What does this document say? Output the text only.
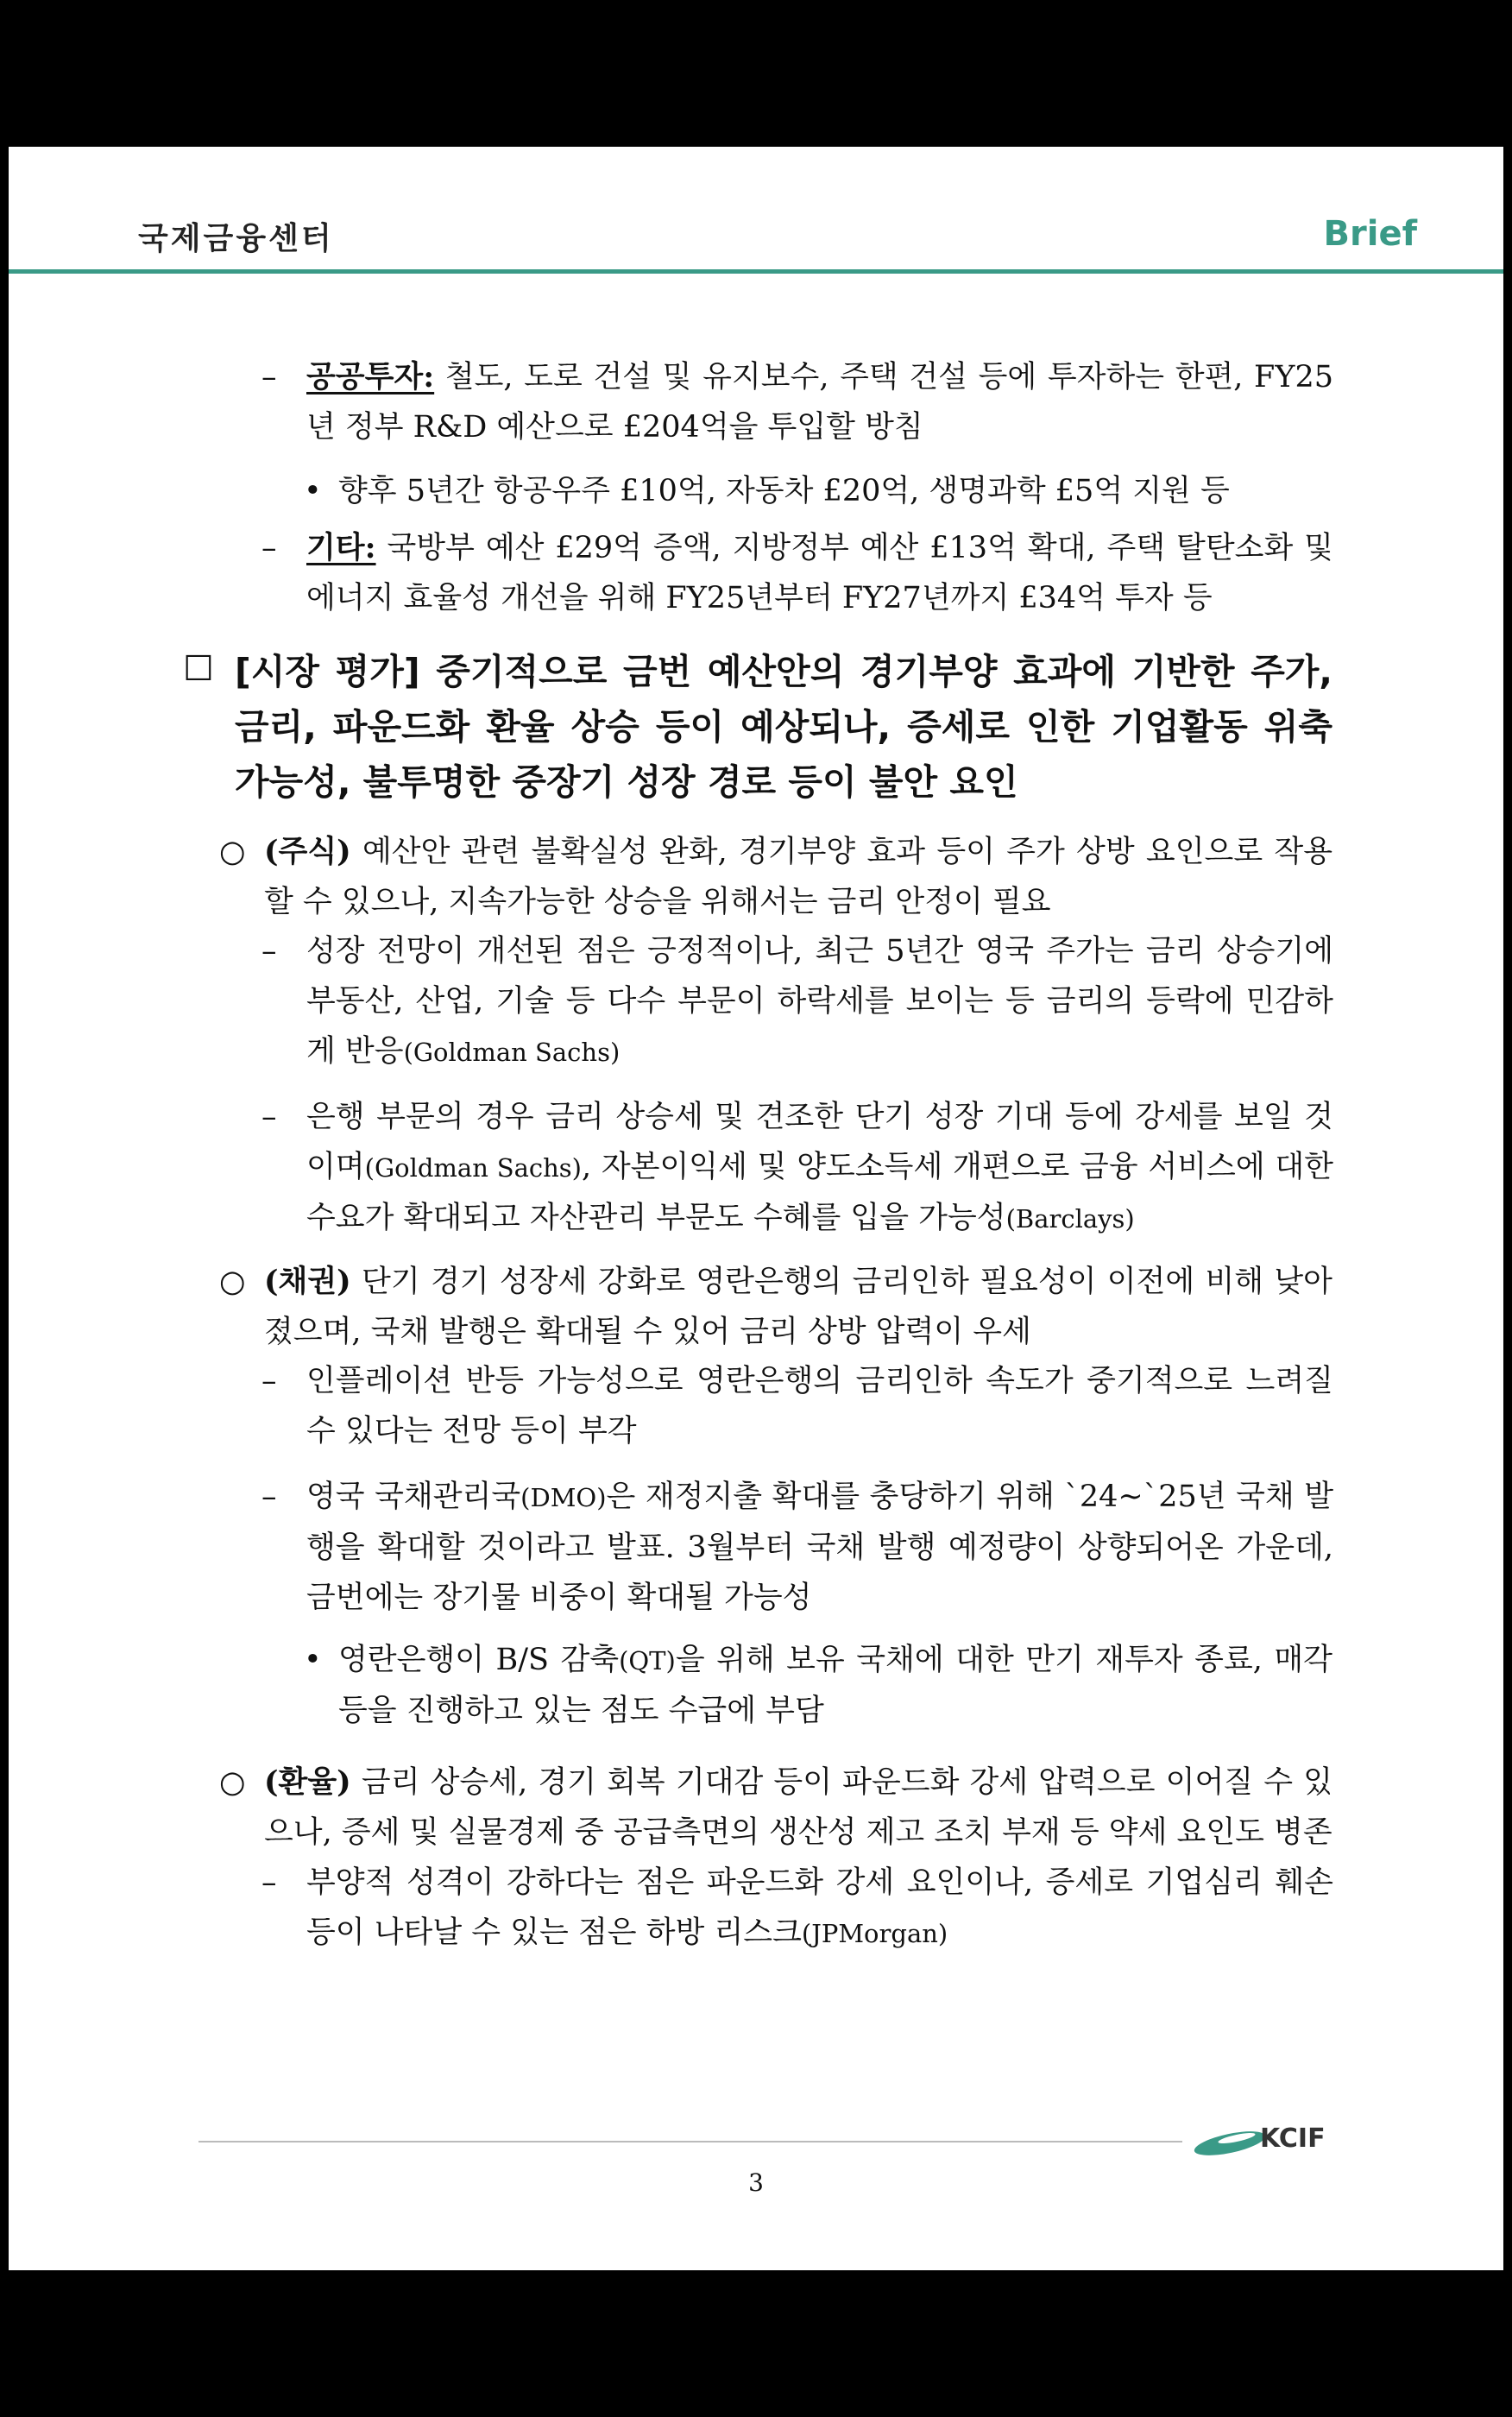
국제금융센터	Brief
– 공공투자: 철도, 도로 건설 및 유지보수, 주택 건설 등에 투자하는 한편, FY25년 정부 R&D 예산으로 £204억을 투입할 방침
• 향후 5년간 항공우주 £10억, 자동차 £20억, 생명과학 £5억 지원 등
– 기타: 국방부 예산 £29억 증액, 지방정부 예산 £13억 확대, 주택 탈탄소화 및 에너지 효율성 개선을 위해 FY25년부터 FY27년까지 £34억 투자 등
☐ [시장 평가] 중기적으로 금번 예산안의 경기부양 효과에 기반한 주가, 금리, 파운드화 환율 상승 등이 예상되나, 증세로 인한 기업활동 위축 가능성, 불투명한 중장기 성장 경로 등이 불안 요인
○ (주식) 예산안 관련 불확실성 완화, 경기부양 효과 등이 주가 상방 요인으로 작용할 수 있으나, 지속가능한 상승을 위해서는 금리 안정이 필요
– 성장 전망이 개선된 점은 긍정적이나, 최근 5년간 영국 주가는 금리 상승기에 부동산, 산업, 기술 등 다수 부문이 하락세를 보이는 등 금리의 등락에 민감하게 반응(Goldman Sachs)
– 은행 부문의 경우 금리 상승세 및 견조한 단기 성장 기대 등에 강세를 보일 것이며(Goldman Sachs), 자본이익세 및 양도소득세 개편으로 금융 서비스에 대한 수요가 확대되고 자산관리 부문도 수혜를 입을 가능성(Barclays)
○ (채권) 단기 경기 성장세 강화로 영란은행의 금리인하 필요성이 이전에 비해 낮아졌으며, 국채 발행은 확대될 수 있어 금리 상방 압력이 우세
– 인플레이션 반등 가능성으로 영란은행의 금리인하 속도가 중기적으로 느려질 수 있다는 전망 등이 부각
– 영국 국채관리국(DMO)은 재정지출 확대를 충당하기 위해 `24~`25년 국채 발행을 확대할 것이라고 발표. 3월부터 국채 발행 예정량이 상향되어온 가운데, 금번에는 장기물 비중이 확대될 가능성
• 영란은행이 B/S 감축(QT)을 위해 보유 국채에 대한 만기 재투자 종료, 매각 등을 진행하고 있는 점도 수급에 부담
○ (환율) 금리 상승세, 경기 회복 기대감 등이 파운드화 강세 압력으로 이어질 수 있으나, 증세 및 실물경제 중 공급측면의 생산성 제고 조치 부재 등 약세 요인도 병존
– 부양적 성격이 강하다는 점은 파운드화 강세 요인이나, 증세로 기업심리 훼손 등이 나타날 수 있는 점은 하방 리스크(JPMorgan)
KCIF
3
